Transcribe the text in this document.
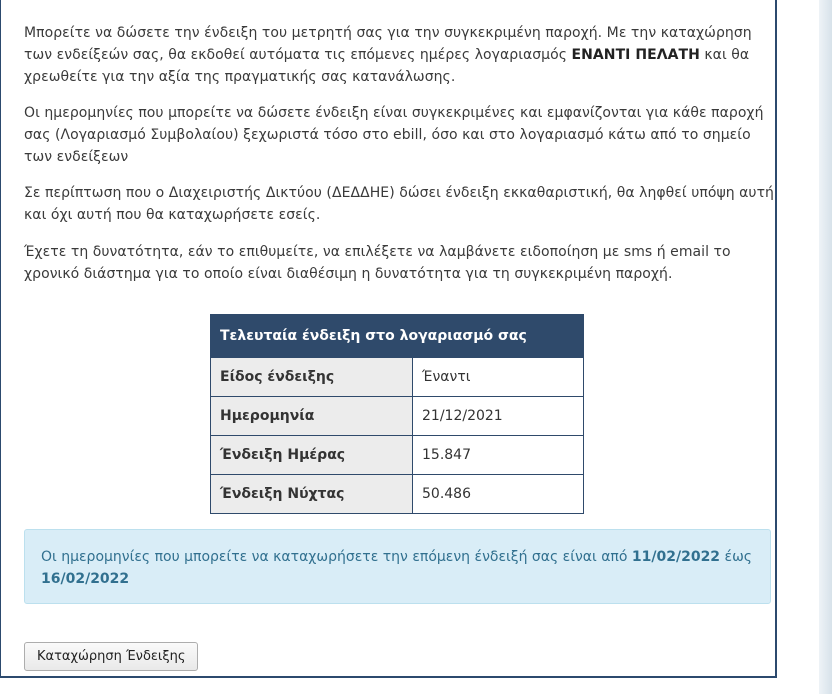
Μπορείτε να δώσετε την ένδειξη του μετρητή σας για την συγκεκριμένη παροχή. Με την καταχώρηση των ενδείξεών σας, θα εκδοθεί αυτόματα τις επόμενες ημέρες λογαριασμός ΕΝΑΝΤΙ ΠΕΛΑΤΗ και θα χρεωθείτε για την αξία της πραγματικής σας κατανάλωσης.

Οι ημερομηνίες που μπορείτε να δώσετε ένδειξη είναι συγκεκριμένες και εμφανίζονται για κάθε παροχή σας (Λογαριασμό Συμβολαίου) ξεχωριστά τόσο στο ebill, όσο και στο λογαριασμό κάτω από το σημείο των ενδείξεων

Σε περίπτωση που ο Διαχειριστής Δικτύου (ΔΕΔΔΗΕ) δώσει ένδειξη εκκαθαριστική, θα ληφθεί υπόψη αυτή και όχι αυτή που θα καταχωρήσετε εσείς.

Έχετε τη δυνατότητα, εάν το επιθυμείτε, να επιλέξετε να λαμβάνετε ειδοποίηση με sms ή email το χρονικό διάστημα για το οποίο είναι διαθέσιμη η δυνατότητα για τη συγκεκριμένη παροχή.

Τελευταία ένδειξη στο λογαριασμό σας	
Είδος ένδειξης	Έναντι
Ημερομηνία	21/12/2021
Ένδειξη Ημέρας	15.847
Ένδειξη Νύχτας	50.486
Οι ημερομηνίες που μπορείτε να καταχωρήσετε την επόμενη ένδειξή σας είναι από 11/02/2022 έως 16/02/2022
Καταχώρηση Ένδειξης
